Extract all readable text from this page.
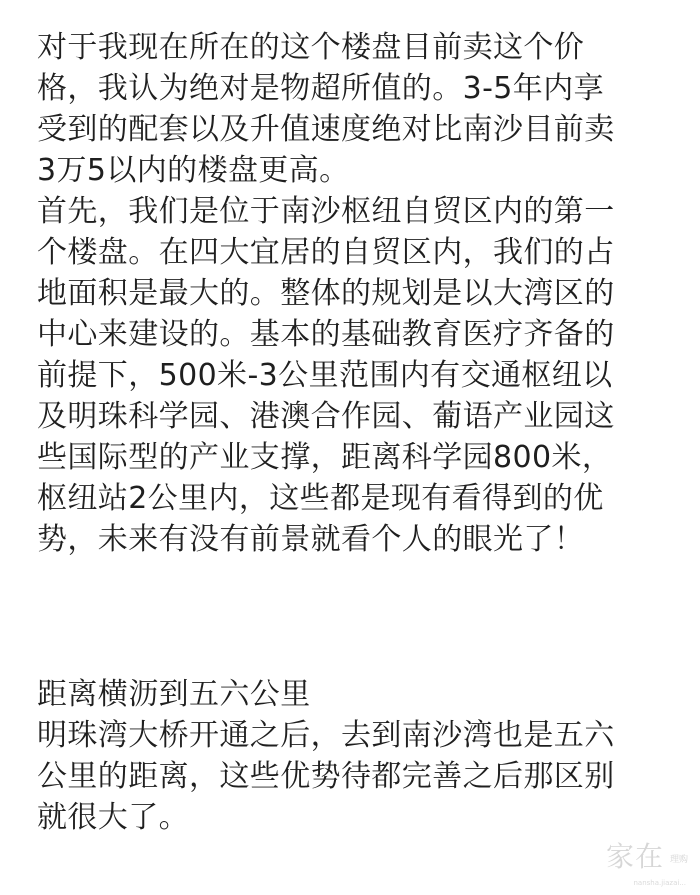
对于我现在所在的这个楼盘目前卖这个价
格，我认为绝对是物超所值的。3-5年内享
受到的配套以及升值速度绝对比南沙目前卖
3万5以内的楼盘更高。
首先，我们是位于南沙枢纽自贸区内的第一
个楼盘。在四大宜居的自贸区内，我们的占
地面积是最大的。整体的规划是以大湾区的
中心来建设的。基本的基础教育医疗齐备的
前提下，500米-3公里范围内有交通枢纽以
及明珠科学园、港澳合作园、葡语产业园这
些国际型的产业支撑，距离科学园800米，
枢纽站2公里内，这些都是现有看得到的优
势，未来有没有前景就看个人的眼光了！
距离横沥到五六公里
明珠湾大桥开通之后，去到南沙湾也是五六
公里的距离，这些优势待都完善之后那区别
就很大了。
家在 理购
nansha.jiazai...
